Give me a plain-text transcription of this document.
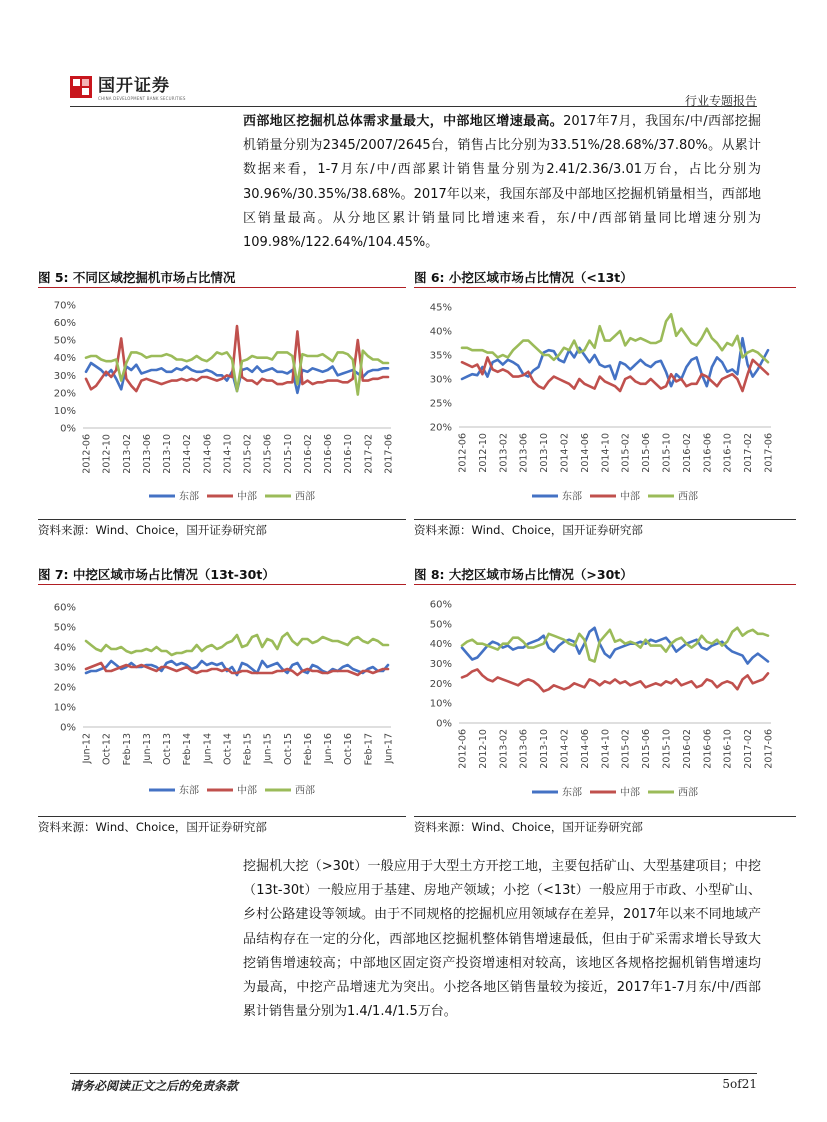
国开证券
CHINA DEVELOPMENT BANK SECURITIES	行业专题报告
西部地区挖掘机总体需求量最大，中部地区增速最高。2017年7月，我国东/中/西部挖掘机销量分别为2345/2007/2645台，销售占比分别为33.51%/28.68%/37.80%。从累计数据来看，1-7月东/中/西部累计销售量分别为2.41/2.36/3.01万台，占比分别为30.96%/30.35%/38.68%。2017年以来，我国东部及中部地区挖掘机销量相当，西部地区销量最高。从分地区累计销量同比增速来看，东/中/西部销量同比增速分别为109.98%/122.64%/104.45%。
图 5: 不同区域挖掘机市场占比情况	图 6: 小挖区域市场占比情况（<13t）
0%
10%
20%
30%
40%
50%
60%
70%
2012-06 2012-10 2013-02 2013-06 2013-10 2014-02 2014-06 2014-10 2015-02 2015-06 2015-10 2016-02 2016-06 2016-10 2017-02 2017-06
东部	中部	西部
20%
25%
30%
35%
40%
45%
2012-06 2012-10 2013-02 2013-06 2013-10 2014-02 2014-06 2014-10 2015-02 2015-06 2015-10 2016-02 2016-06 2016-10 2017-02 2017-06
东部	中部	西部
资料来源：Wind、Choice，国开证券研究部	资料来源：Wind、Choice，国开证券研究部
图 7: 中挖区域市场占比情况（13t-30t）	图 8: 大挖区域市场占比情况（>30t）
0%
10%
20%
30%
40%
50%
60%
Jun-12 Oct-12 Feb-13 Jun-13 Oct-13 Feb-14 Jun-14 Oct-14 Feb-15 Jun-15 Oct-15 Feb-16 Jun-16 Oct-16 Feb-17 Jun-17
东部	中部	西部
0%
10%
20%
30%
40%
50%
60%
2012-06 2012-10 2013-02 2013-06 2013-10 2014-02 2014-06 2014-10 2015-02 2015-06 2015-10 2016-02 2016-06 2016-10 2017-02 2017-06
东部	中部	西部
资料来源：Wind、Choice，国开证券研究部	资料来源：Wind、Choice，国开证券研究部
挖掘机大挖（>30t）一般应用于大型土方开挖工地，主要包括矿山、大型基建项目；中挖（13t-30t）一般应用于基建、房地产领域；小挖（<13t）一般应用于市政、小型矿山、乡村公路建设等领域。由于不同规格的挖掘机应用领域存在差异，2017年以来不同地域产品结构存在一定的分化，西部地区挖掘机整体销售增速最低，但由于矿采需求增长导致大挖销售增速较高；中部地区固定资产投资增速相对较高，该地区各规格挖掘机销售增速均为最高，中挖产品增速尤为突出。小挖各地区销售量较为接近，2017年1-7月东/中/西部累计销售量分别为1.4/1.4/1.5万台。
请务必阅读正文之后的免责条款	5of21
